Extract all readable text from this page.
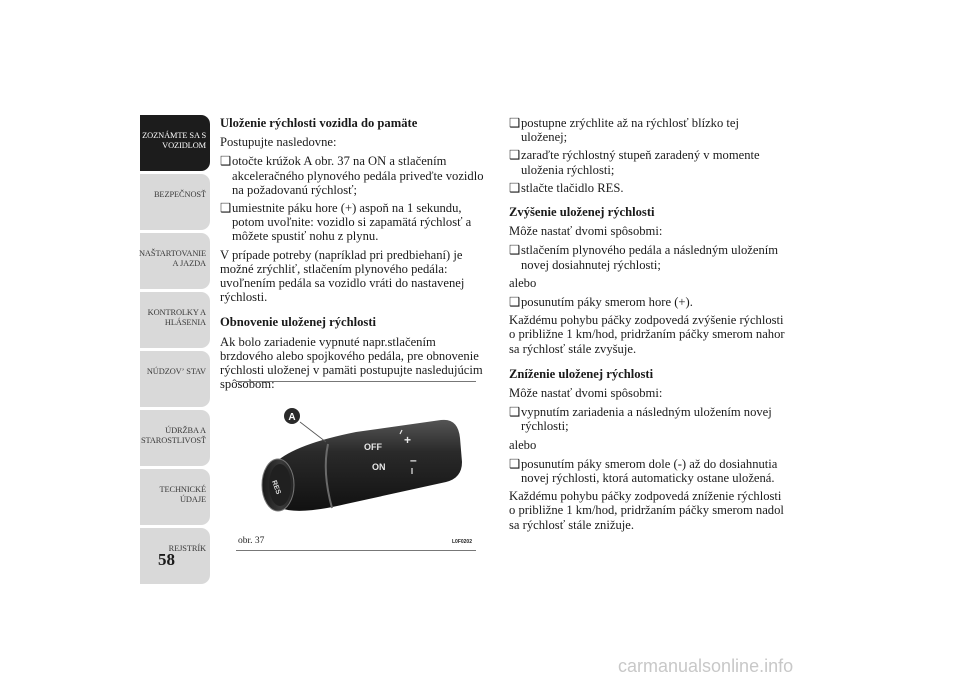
ZOZNÁMTE SA S
VOZIDLOM
BEZPEČNOSŤ
NAŠTARTOVANIE
A JAZDA
KONTROLKY A
HLÁSENIA
NÚDZOVʼ STAV
ÚDRŽBA A
STAROSTLIVOSŤ
TECHNICKÉ
ÚDAJE
REJSTRÍK
58
Uloženie rýchlosti vozidla do pamäte
Postupujte nasledovne:
❑ otočte krúžok A obr. 37 na ON a stlačením akceleračného plynového pedála priveďte vozidlo na požadovanú rýchlosť;
❑ umiestnite páku hore (+) aspoň na 1 sekundu, potom uvoľnite: vozidlo si zapamätá rýchlosť a môžete spustiť nohu z plynu.
V prípade potreby (napríklad pri predbiehaní) je možné zrýchliť, stlačením plynového pedála: uvoľnením pedála sa vozidlo vráti do nastavenej rýchlosti.
Obnovenie uloženej rýchlosti
Ak bolo zariadenie vypnuté napr.stlačením brzdového alebo spojkového pedála, pre obnovenie rýchlosti uloženej v pamäti postupujte nasledujúcim spôsobom:
A
OFF
ON
+
–
RES
obr. 37	L0F0202
❑ postupne zrýchlite až na rýchlosť blízko tej uloženej;
❑ zaraďte rýchlostný stupeň zaradený v momente uloženia rýchlosti;
❑ stlačte tlačidlo RES.
Zvýšenie uloženej rýchlosti
Môže nastať dvomi spôsobmi:
❑ stlačením plynového pedála a následným uložením novej dosiahnutej rýchlosti;
alebo
❑ posunutím páky smerom hore (+).
Každému pohybu páčky zodpovedá zvýšenie rýchlosti o približne 1 km/hod, pridržaním páčky smerom nahor sa rýchlosť stále zvyšuje.
Zníženie uloženej rýchlosti
Môže nastať dvomi spôsobmi:
❑ vypnutím zariadenia a následným uložením novej rýchlosti;
alebo
❑ posunutím páky smerom dole (-) až do dosiahnutia novej rýchlosti, ktorá automaticky ostane uložená.
Každému pohybu páčky zodpovedá zníženie rýchlosti o približne 1 km/hod, pridržaním páčky smerom nadol sa rýchlosť stále znižuje.
carmanualsonline.info
